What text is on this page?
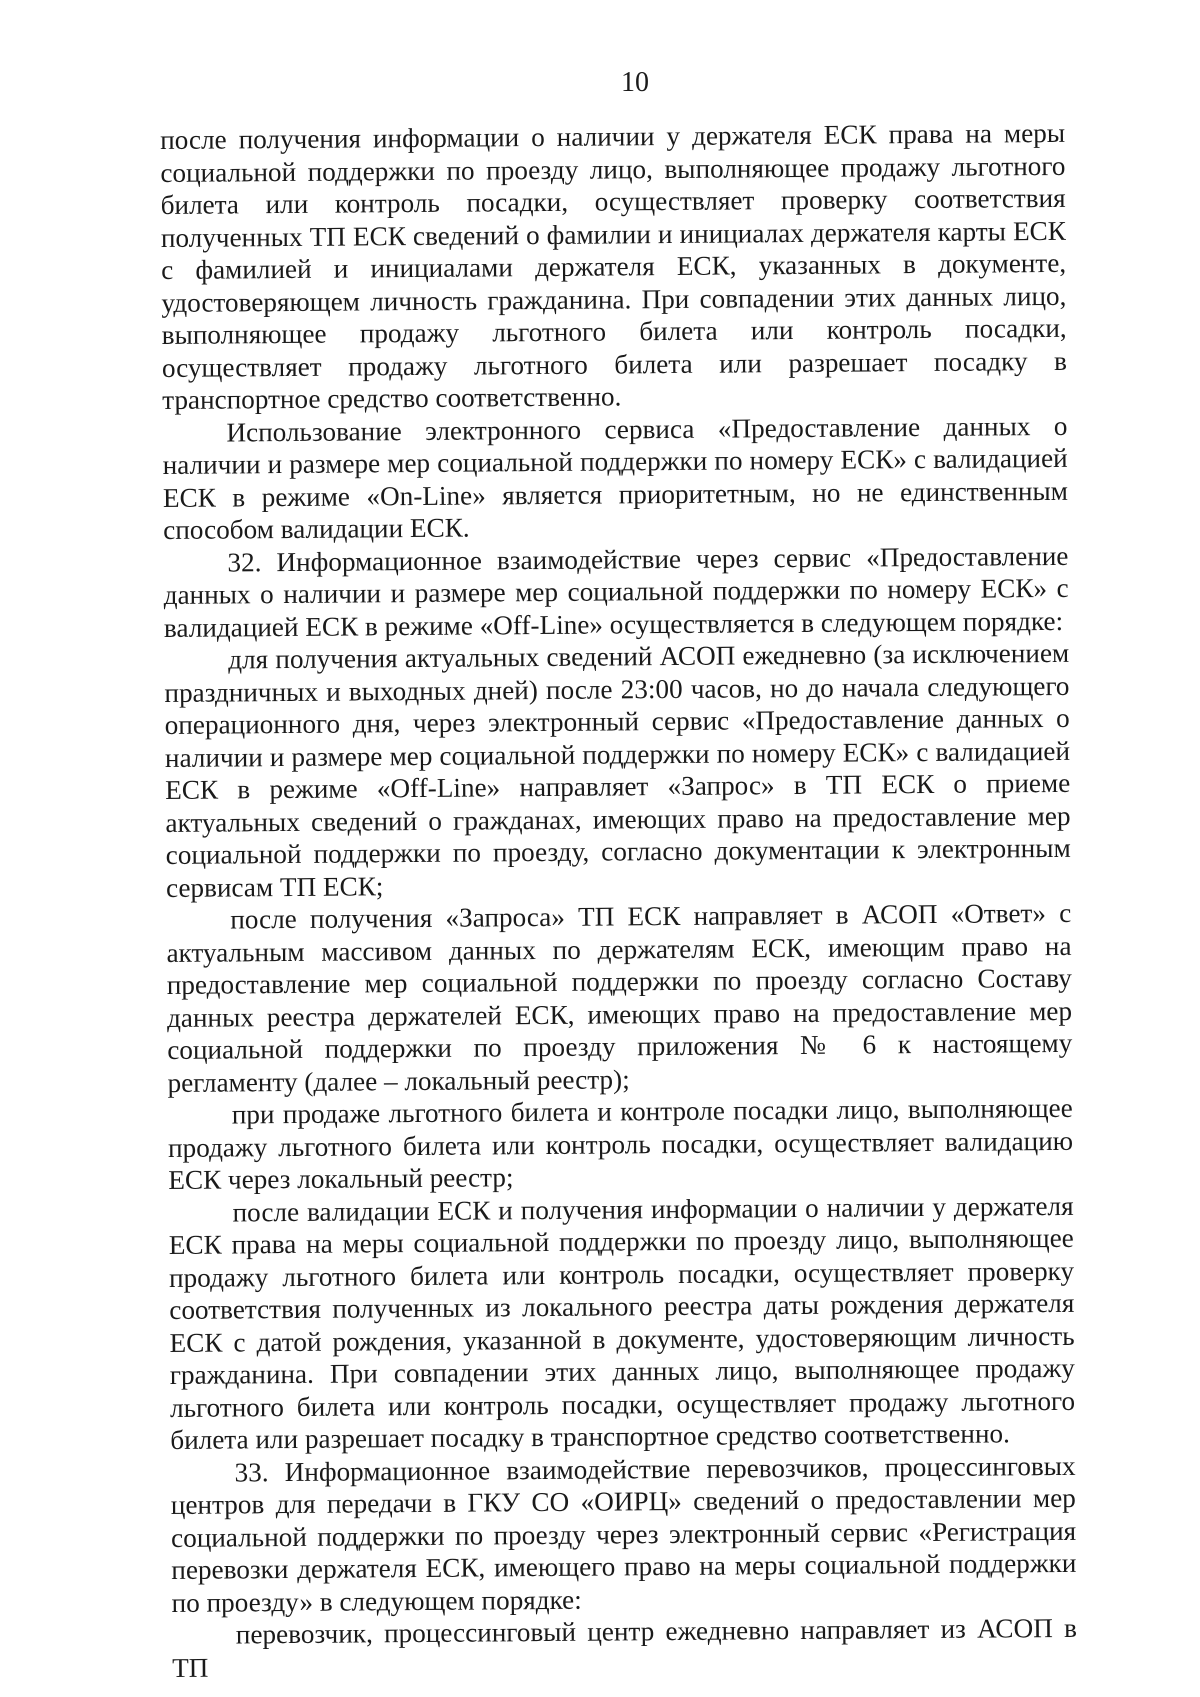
10

после получения информации о наличии у держателя ЕСК права на меры социальной поддержки по проезду лицо, выполняющее продажу льготного билета или контроль посадки, осуществляет проверку соответствия полученных ТП ЕСК сведений о фамилии и инициалах держателя карты ЕСК с фамилией и инициалами держателя ЕСК, указанных в документе, удостоверяющем личность гражданина. При совпадении этих данных лицо, выполняющее продажу льготного билета или контроль посадки, осуществляет продажу льготного билета или разрешает посадку в транспортное средство соответственно.

Использование электронного сервиса «Предоставление данных о наличии и размере мер социальной поддержки по номеру ЕСК» с валидацией ЕСК в режиме «On-Line» является приоритетным, но не единственным способом валидации ЕСК.

32. Информационное взаимодействие через сервис «Предоставление данных о наличии и размере мер социальной поддержки по номеру ЕСК» с валидацией ЕСК в режиме «Off-Line» осуществляется в следующем порядке:

для получения актуальных сведений АСОП ежедневно (за исключением праздничных и выходных дней) после 23:00 часов, но до начала следующего операционного дня, через электронный сервис «Предоставление данных о наличии и размере мер социальной поддержки по номеру ЕСК» с валидацией ЕСК в режиме «Off-Line» направляет «Запрос» в ТП ЕСК о приеме актуальных сведений о гражданах, имеющих право на предоставление мер социальной поддержки по проезду, согласно документации к электронным сервисам ТП ЕСК;

после получения «Запроса» ТП ЕСК направляет в АСОП «Ответ» с актуальным массивом данных по держателям ЕСК, имеющим право на предоставление мер социальной поддержки по проезду согласно Составу данных реестра держателей ЕСК, имеющих право на предоставление мер социальной поддержки по проезду приложения № 6 к настоящему регламенту (далее – локальный реестр);

при продаже льготного билета и контроле посадки лицо, выполняющее продажу льготного билета или контроль посадки, осуществляет валидацию ЕСК через локальный реестр;

после валидации ЕСК и получения информации о наличии у держателя ЕСК права на меры социальной поддержки по проезду лицо, выполняющее продажу льготного билета или контроль посадки, осуществляет проверку соответствия полученных из локального реестра даты рождения держателя ЕСК с датой рождения, указанной в документе, удостоверяющим личность гражданина. При совпадении этих данных лицо, выполняющее продажу льготного билета или контроль посадки, осуществляет продажу льготного билета или разрешает посадку в транспортное средство соответственно.

33. Информационное взаимодействие перевозчиков, процессинговых центров для передачи в ГКУ СО «ОИРЦ» сведений о предоставлении мер социальной поддержки по проезду через электронный сервис «Регистрация перевозки держателя ЕСК, имеющего право на меры социальной поддержки по проезду» в следующем порядке:

перевозчик, процессинговый центр ежедневно направляет из АСОП в ТП
